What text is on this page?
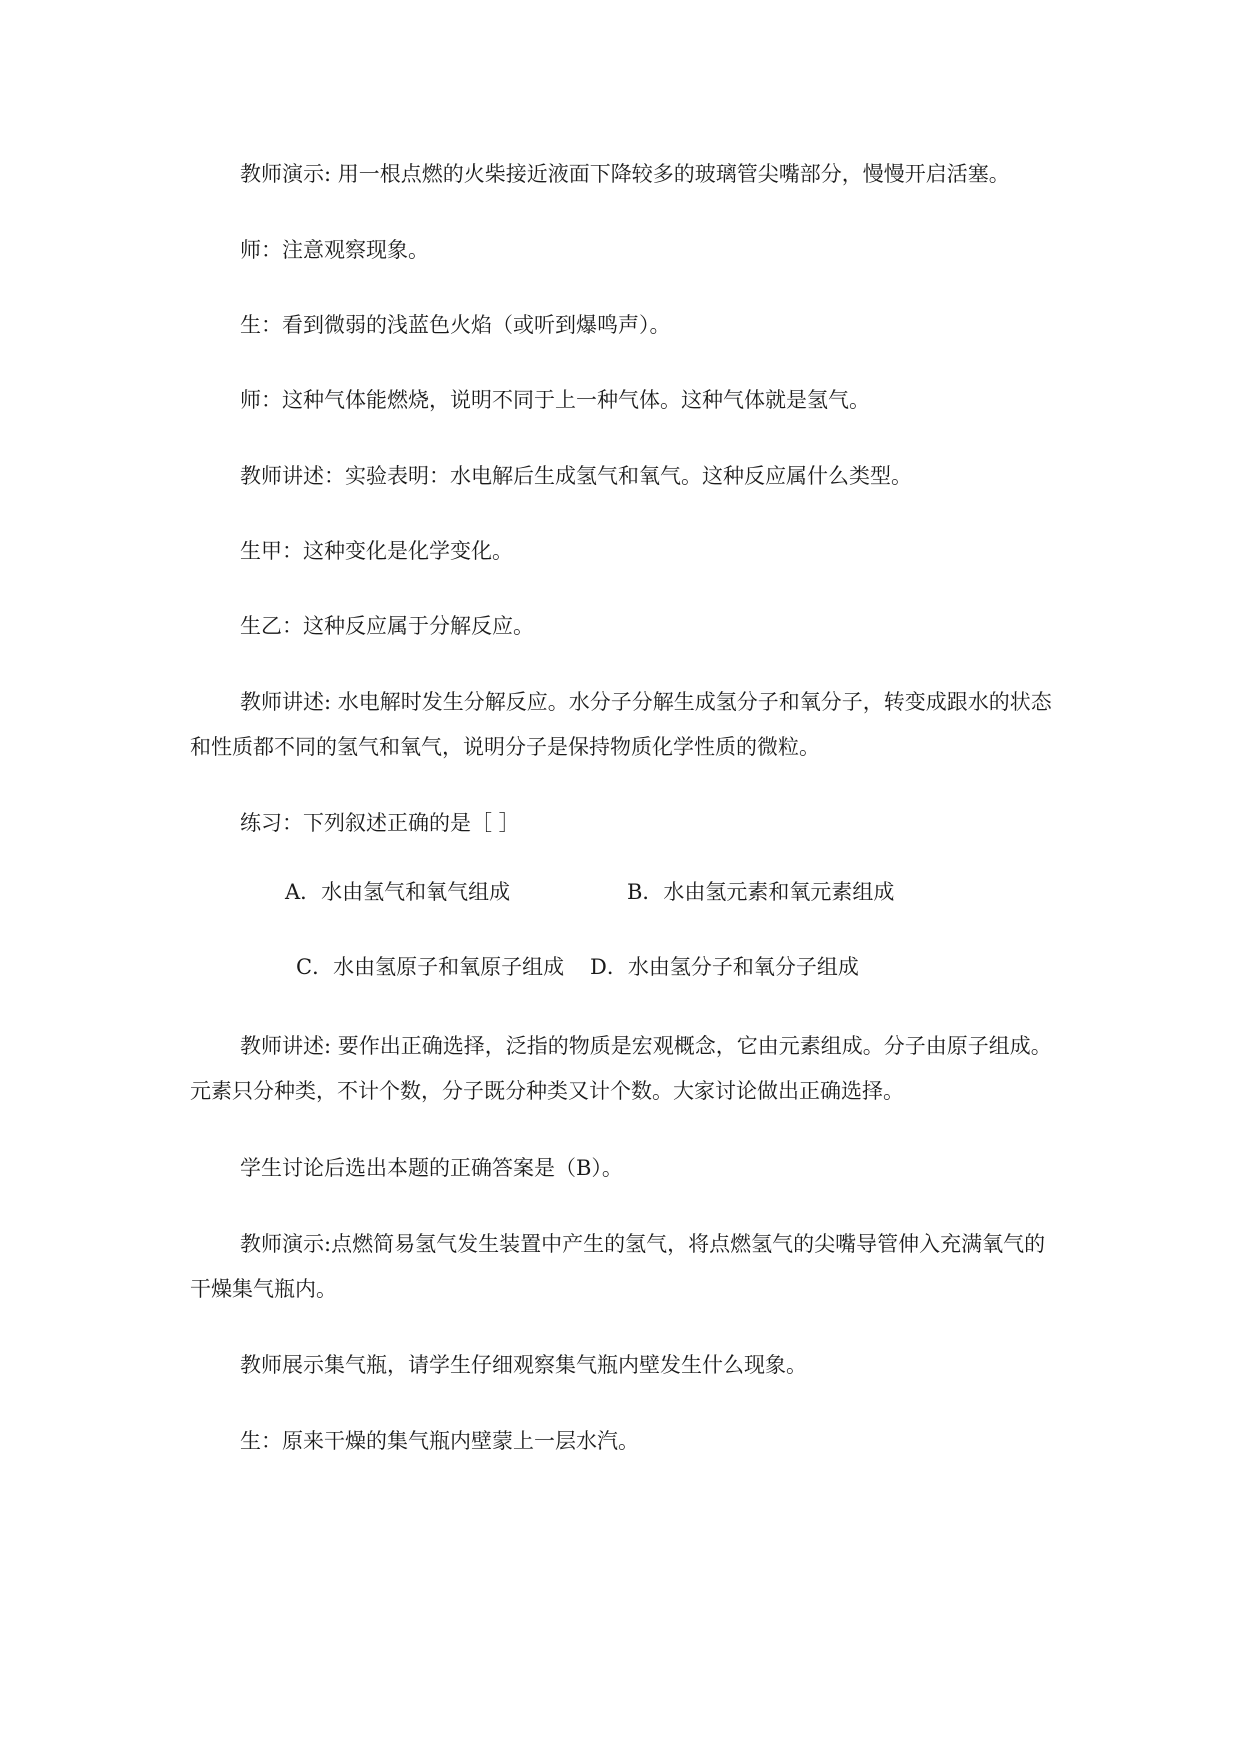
教师演示: 用一根点燃的火柴接近液面下降较多的玻璃管尖嘴部分，慢慢开启活塞。

师：注意观察现象。

生：看到微弱的浅蓝色火焰（或听到爆鸣声）。

师：这种气体能燃烧，说明不同于上一种气体。这种气体就是氢气。

教师讲述：实验表明：水电解后生成氢气和氧气。这种反应属什么类型。

生甲：这种变化是化学变化。

生乙：这种反应属于分解反应。

教师讲述: 水电解时发生分解反应。水分子分解生成氢分子和氧分子，转变成跟水的状态和性质都不同的氢气和氧气，说明分子是保持物质化学性质的微粒。

练习：下列叙述正确的是［ ］

A．水由氢气和氧气组成	B．水由氢元素和氧元素组成

C．水由氢原子和氧原子组成 D．水由氢分子和氧分子组成

教师讲述: 要作出正确选择，泛指的物质是宏观概念，它由元素组成。分子由原子组成。元素只分种类，不计个数，分子既分种类又计个数。大家讨论做出正确选择。

学生讨论后选出本题的正确答案是（B）。

教师演示:点燃简易氢气发生装置中产生的氢气，将点燃氢气的尖嘴导管伸入充满氧气的干燥集气瓶内。

教师展示集气瓶，请学生仔细观察集气瓶内壁发生什么现象。

生：原来干燥的集气瓶内壁蒙上一层水汽。
